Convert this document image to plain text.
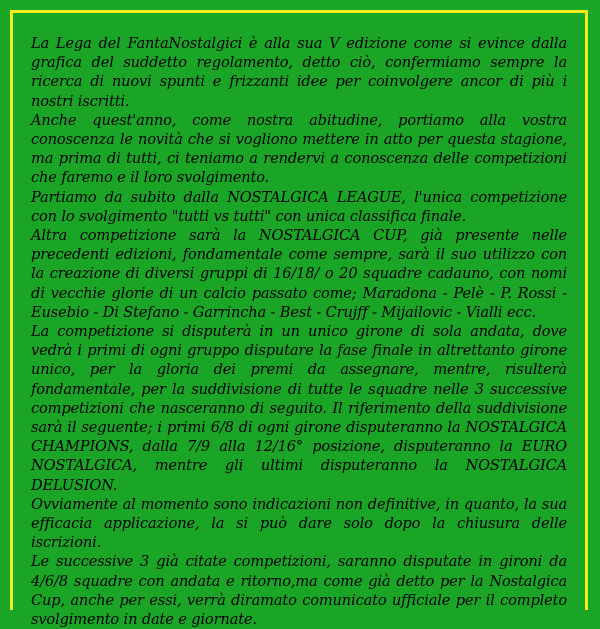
La Lega del FantaNostalgici è alla sua V edizione come si evince dalla grafica del suddetto regolamento, detto ciò, confermiamo sempre la ricerca di nuovi spunti e frizzanti idee per coinvolgere ancor di più i nostri iscritti.

Anche quest'anno, come nostra abitudine, portiamo alla vostra conoscenza le novità che si vogliono mettere in atto per questa stagione, ma prima di tutti, ci teniamo a rendervi a conoscenza delle competizioni che faremo e il loro svolgimento.

Partiamo da subito dalla NOSTALGICA LEAGUE, l'unica competizione con lo svolgimento "tutti vs tutti" con unica classifica finale.

Altra competizione sarà la NOSTALGICA CUP, già presente nelle precedenti edizioni, fondamentale come sempre, sarà il suo utilizzo con la creazione di diversi gruppi di 16/18/ o 20 squadre cadauno, con nomi di vecchie glorie di un calcio passato come; Maradona - Pelè - P. Rossi - Eusebio - Di Stefano - Garrincha - Best - Crujff - Mijailovic - Vialli ecc.

La competizione si disputerà in un unico girone di sola andata, dove vedrà i primi di ogni gruppo disputare la fase finale in altrettanto girone unico, per la gloria dei premi da assegnare, mentre, risulterà fondamentale, per la suddivisione di tutte le squadre nelle 3 successive competizioni che nasceranno di seguito. Il riferimento della suddivisione sarà il seguente; i primi 6/8 di ogni girone disputeranno la NOSTALGICA CHAMPIONS, dalla 7/9 alla 12/16° posizione, disputeranno la EURO NOSTALGICA, mentre gli ultimi disputeranno la NOSTALGICA DELUSION.

Ovviamente al momento sono indicazioni non definitive, in quanto, la sua efficacia applicazione, la si può dare solo dopo la chiusura delle iscrizioni.

Le successive 3 già citate competizioni, saranno disputate in gironi da 4/6/8 squadre con andata e ritorno,ma come già detto per la Nostalgica Cup, anche per essi, verrà diramato comunicato ufficiale per il completo svolgimento in date e giornate.
